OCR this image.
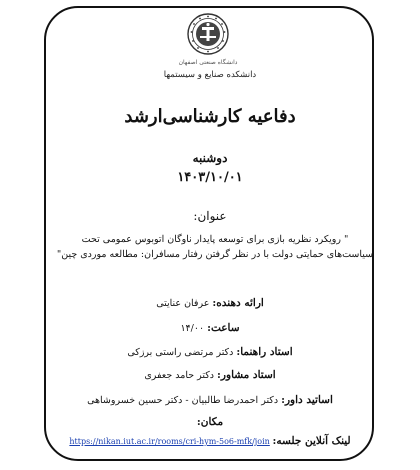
دانشگاه صنعتی اصفهان
دانشکده صنایع و سیستمها
دفاعیه کارشناسی‌ارشد
دوشنبه
۱۴۰۳/۱۰/۰۱
عنوان:
" رویکرد نظریه بازی برای توسعه پایدار ناوگان اتوبوس عمومی تحت
سیاست‌های حمایتی دولت با در نظر گرفتن رفتار مسافران: مطالعه موردی چین"
ارائه دهنده: عرفان عنایتی
ساعت: ۱۴/۰۰
استاد راهنما: دکتر مرتضی راستی برزکی
استاد مشاور: دکتر حامد جعفری
اساتید داور: دکتر احمدرضا طالبیان - دکتر حسین خسروشاهی
مکان:
لینک آنلاین جلسه: https://nikan.iut.ac.ir/rooms/cri-hym-5o6-mfk/join
